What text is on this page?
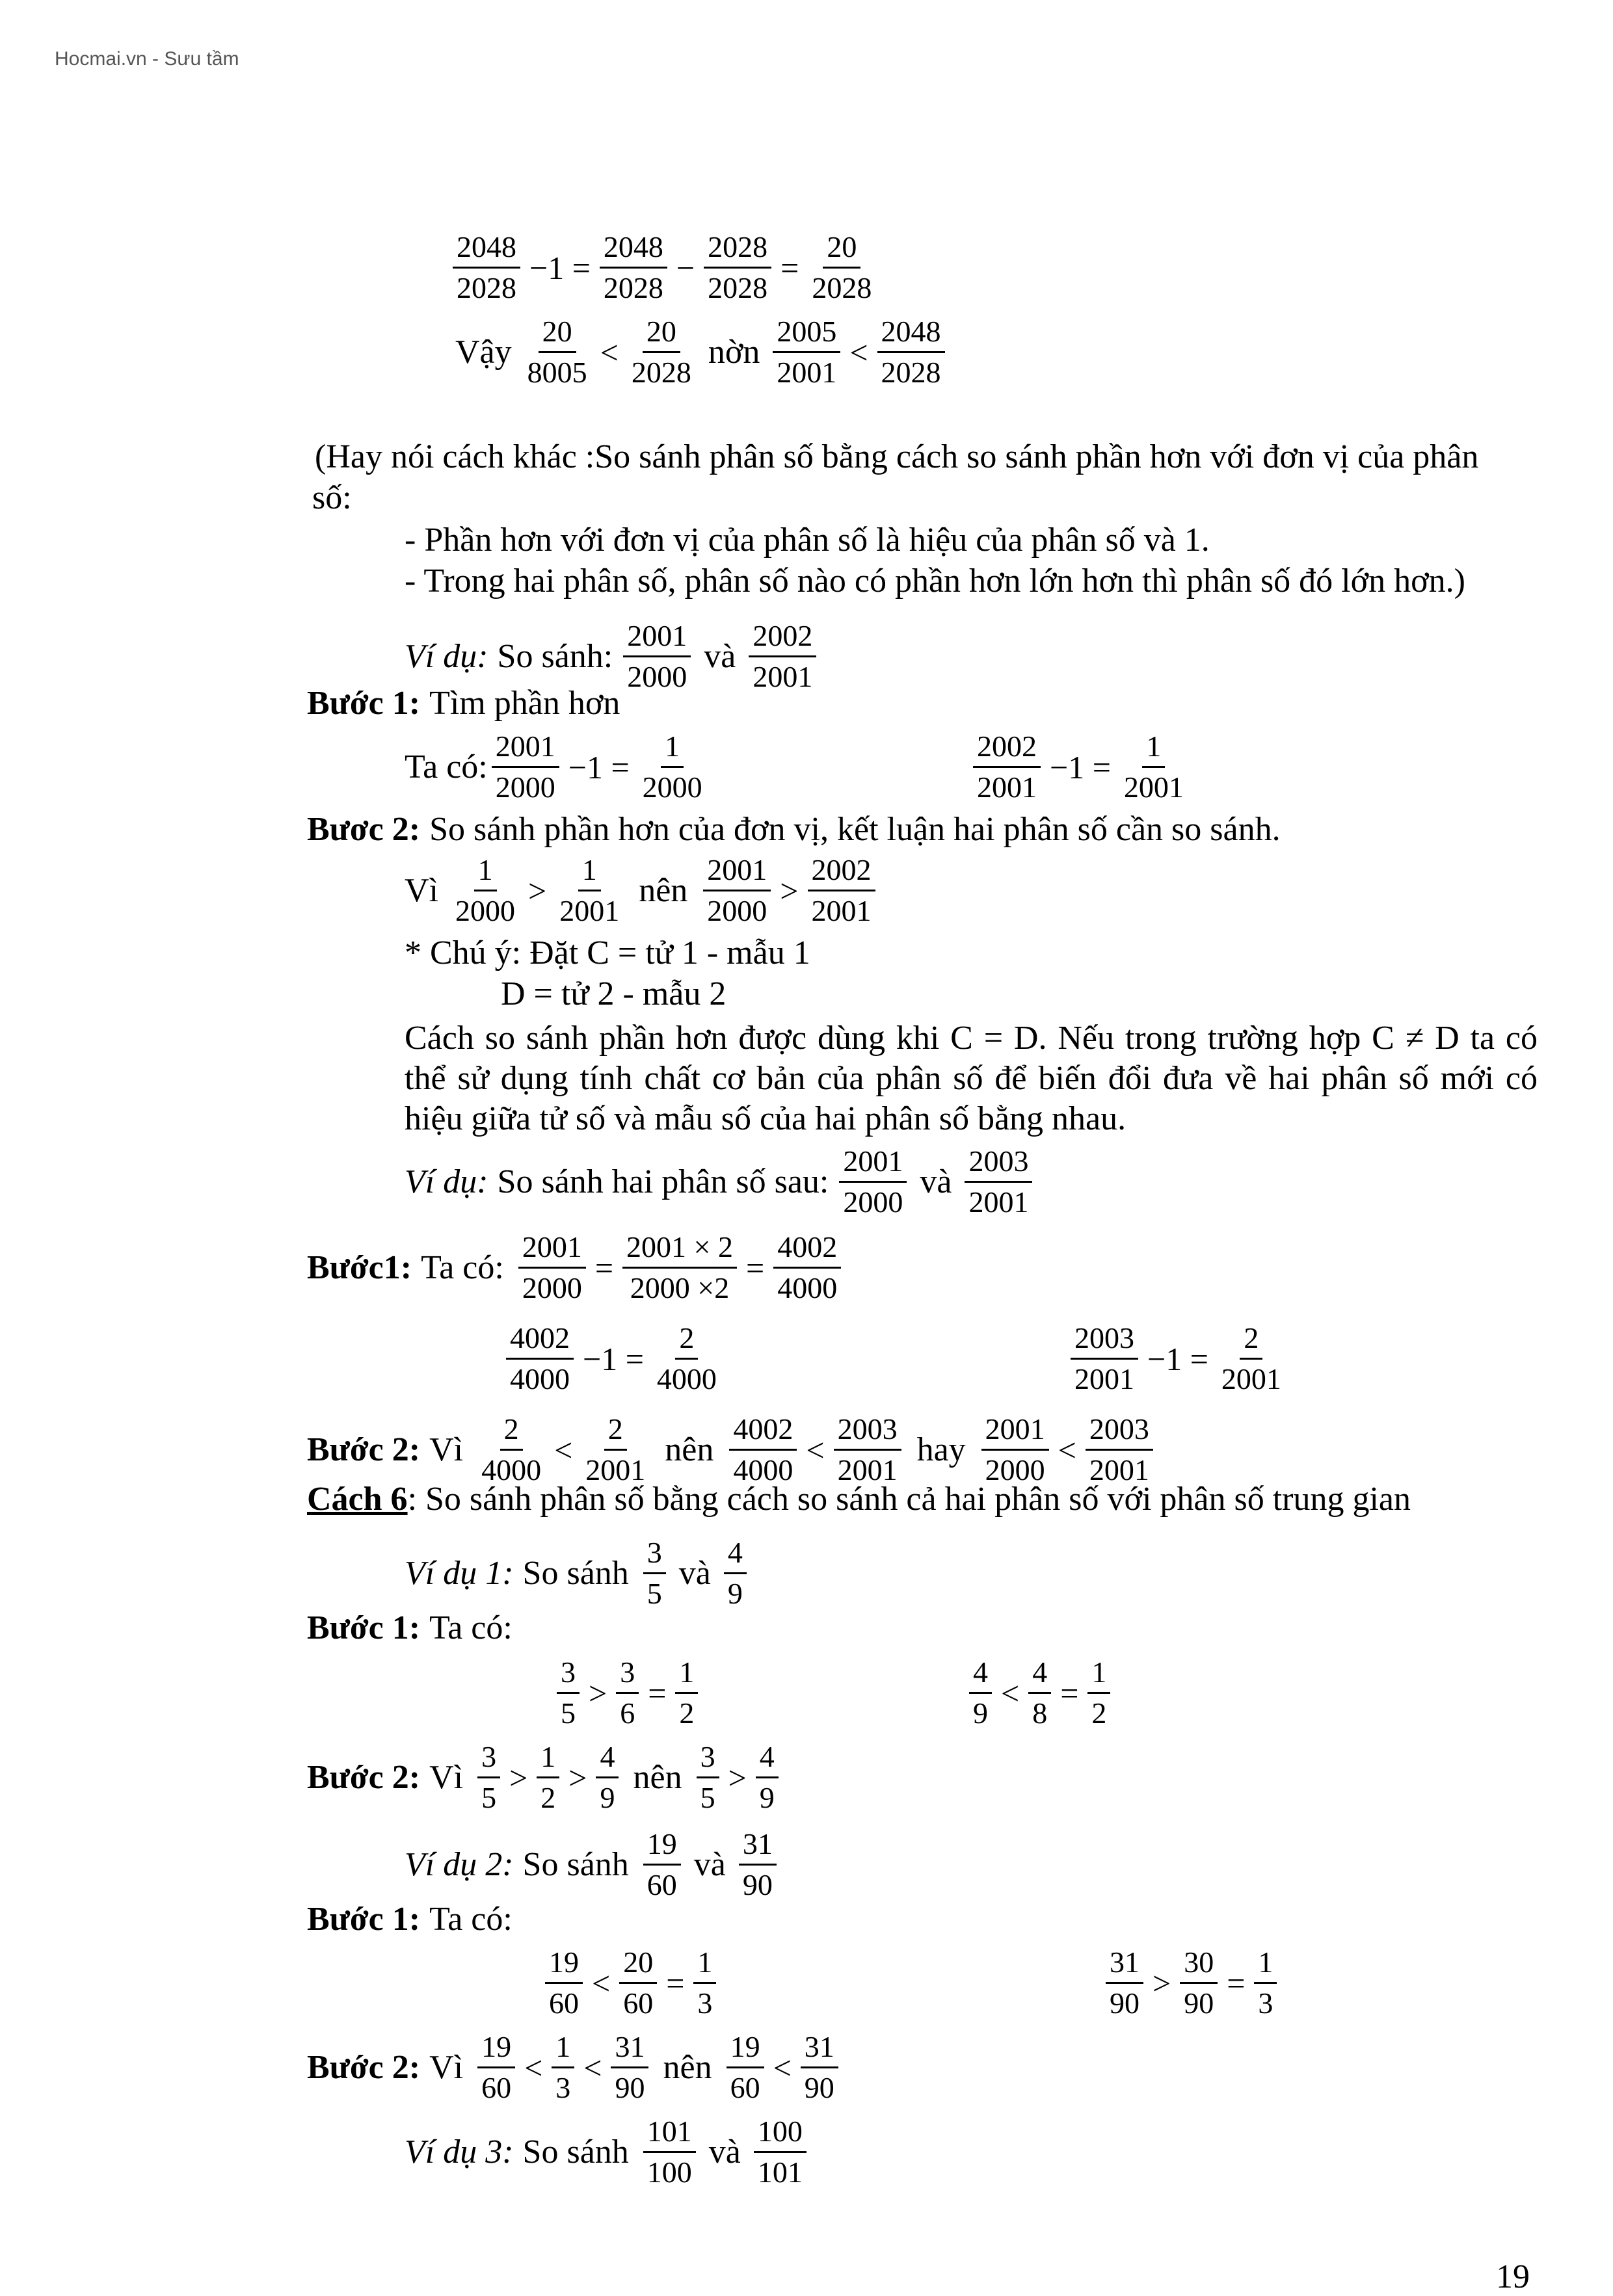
Hocmai.vn - Sưu tầm
$\frac{2048}{2028} -1 = \frac{2048}{2028} - \frac{2028}{2028} = \frac{20}{2028}$
Vậy $\frac{20}{8005} < \frac{20}{2028}$ nờn $\frac{2005}{2001} < \frac{2048}{2028}$
(Hay nói cách khác :So sánh phân số bằng cách so sánh phần hơn với đơn vị của phân
số:
- Phần hơn với đơn vị của phân số là hiệu của phân số và 1.
- Trong hai phân số, phân số nào có phần hơn lớn hơn thì phân số đó lớn hơn.)
Ví dụ: So sánh: $\frac{2001}{2000}$ và $\frac{2002}{2001}$
Bước 1: Tìm phần hơn
Ta có: $\frac{2001}{2000} -1 = \frac{1}{2000}$	$\frac{2002}{2001} -1 = \frac{1}{2001}$
Bươc 2: So sánh phần hơn của đơn vị, kết luận hai phân số cần so sánh.
Vì $\frac{1}{2000} > \frac{1}{2001}$ nên $\frac{2001}{2000} > \frac{2002}{2001}$
* Chú ý: Đặt C = tử 1 - mẫu 1
D = tử 2 - mẫu 2
Cách so sánh phần hơn được dùng khi C = D. Nếu trong trường hợp C ≠ D ta có thể sử dụng tính chất cơ bản của phân số để biến đổi đưa về hai phân số mới có hiệu giữa tử số và mẫu số của hai phân số bằng nhau.
Ví dụ: So sánh hai phân số sau: $\frac{2001}{2000}$ và $\frac{2003}{2001}$
Bước1: Ta có: $\frac{2001}{2000} = \frac{2001 \times 2}{2000 \times 2} = \frac{4002}{4000}$
$\frac{4002}{4000} -1 = \frac{2}{4000}$	$\frac{2003}{2001} -1 = \frac{2}{2001}$
Bước 2: Vì $\frac{2}{4000} < \frac{2}{2001}$ nên $\frac{4002}{4000} < \frac{2003}{2001}$ hay $\frac{2001}{2000} < \frac{2003}{2001}$
Cách 6 : So sánh phân số bằng cách so sánh cả hai phân số với phân số trung gian
Ví dụ 1: So sánh $\frac{3}{5}$ và $\frac{4}{9}$
Bước 1: Ta có:
$\frac{3}{5} > \frac{3}{6} = \frac{1}{2}$	$\frac{4}{9} < \frac{4}{8} = \frac{1}{2}$
Bước 2: Vì $\frac{3}{5} > \frac{1}{2} > \frac{4}{9}$ nên $\frac{3}{5} > \frac{4}{9}$
Ví dụ 2: So sánh $\frac{19}{60}$ và $\frac{31}{90}$
Bước 1: Ta có:
$\frac{19}{60} < \frac{20}{60} = \frac{1}{3}$	$\frac{31}{90} > \frac{30}{90} = \frac{1}{3}$
Bước 2: Vì $\frac{19}{60} < \frac{1}{3} < \frac{31}{90}$ nên $\frac{19}{60} < \frac{31}{90}$
Ví dụ 3: So sánh $\frac{101}{100}$ và $\frac{100}{101}$
19
